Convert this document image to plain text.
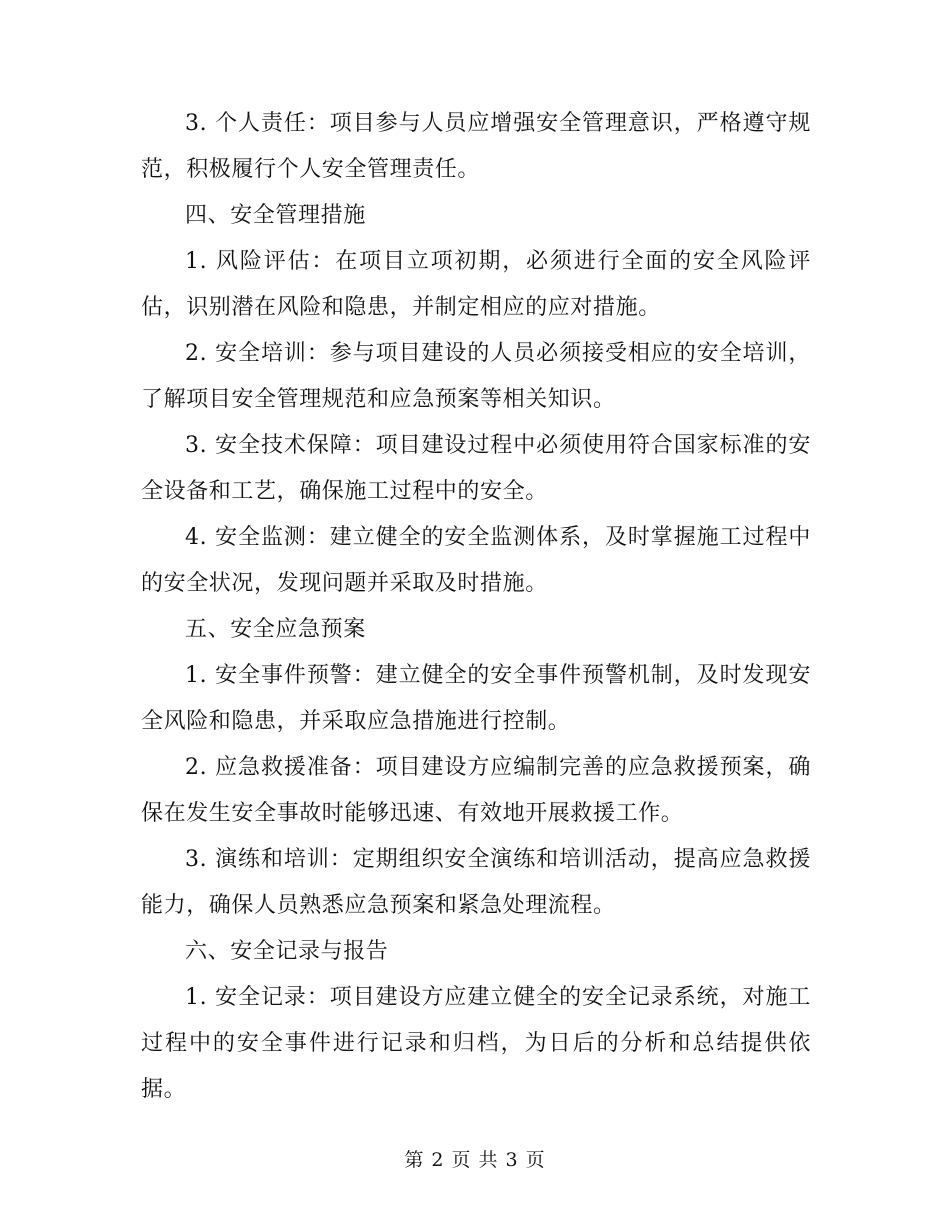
3. 个人责任：项目参与人员应增强安全管理意识，严格遵守规范，积极履行个人安全管理责任。

四、安全管理措施

1. 风险评估：在项目立项初期，必须进行全面的安全风险评估，识别潜在风险和隐患，并制定相应的应对措施。

2. 安全培训：参与项目建设的人员必须接受相应的安全培训，了解项目安全管理规范和应急预案等相关知识。

3. 安全技术保障：项目建设过程中必须使用符合国家标准的安全设备和工艺，确保施工过程中的安全。

4. 安全监测：建立健全的安全监测体系，及时掌握施工过程中的安全状况，发现问题并采取及时措施。

五、安全应急预案

1. 安全事件预警：建立健全的安全事件预警机制，及时发现安全风险和隐患，并采取应急措施进行控制。

2. 应急救援准备：项目建设方应编制完善的应急救援预案，确保在发生安全事故时能够迅速、有效地开展救援工作。

3. 演练和培训：定期组织安全演练和培训活动，提高应急救援能力，确保人员熟悉应急预案和紧急处理流程。

六、安全记录与报告

1. 安全记录：项目建设方应建立健全的安全记录系统，对施工过程中的安全事件进行记录和归档，为日后的分析和总结提供依据。

第 2 页 共 3 页
